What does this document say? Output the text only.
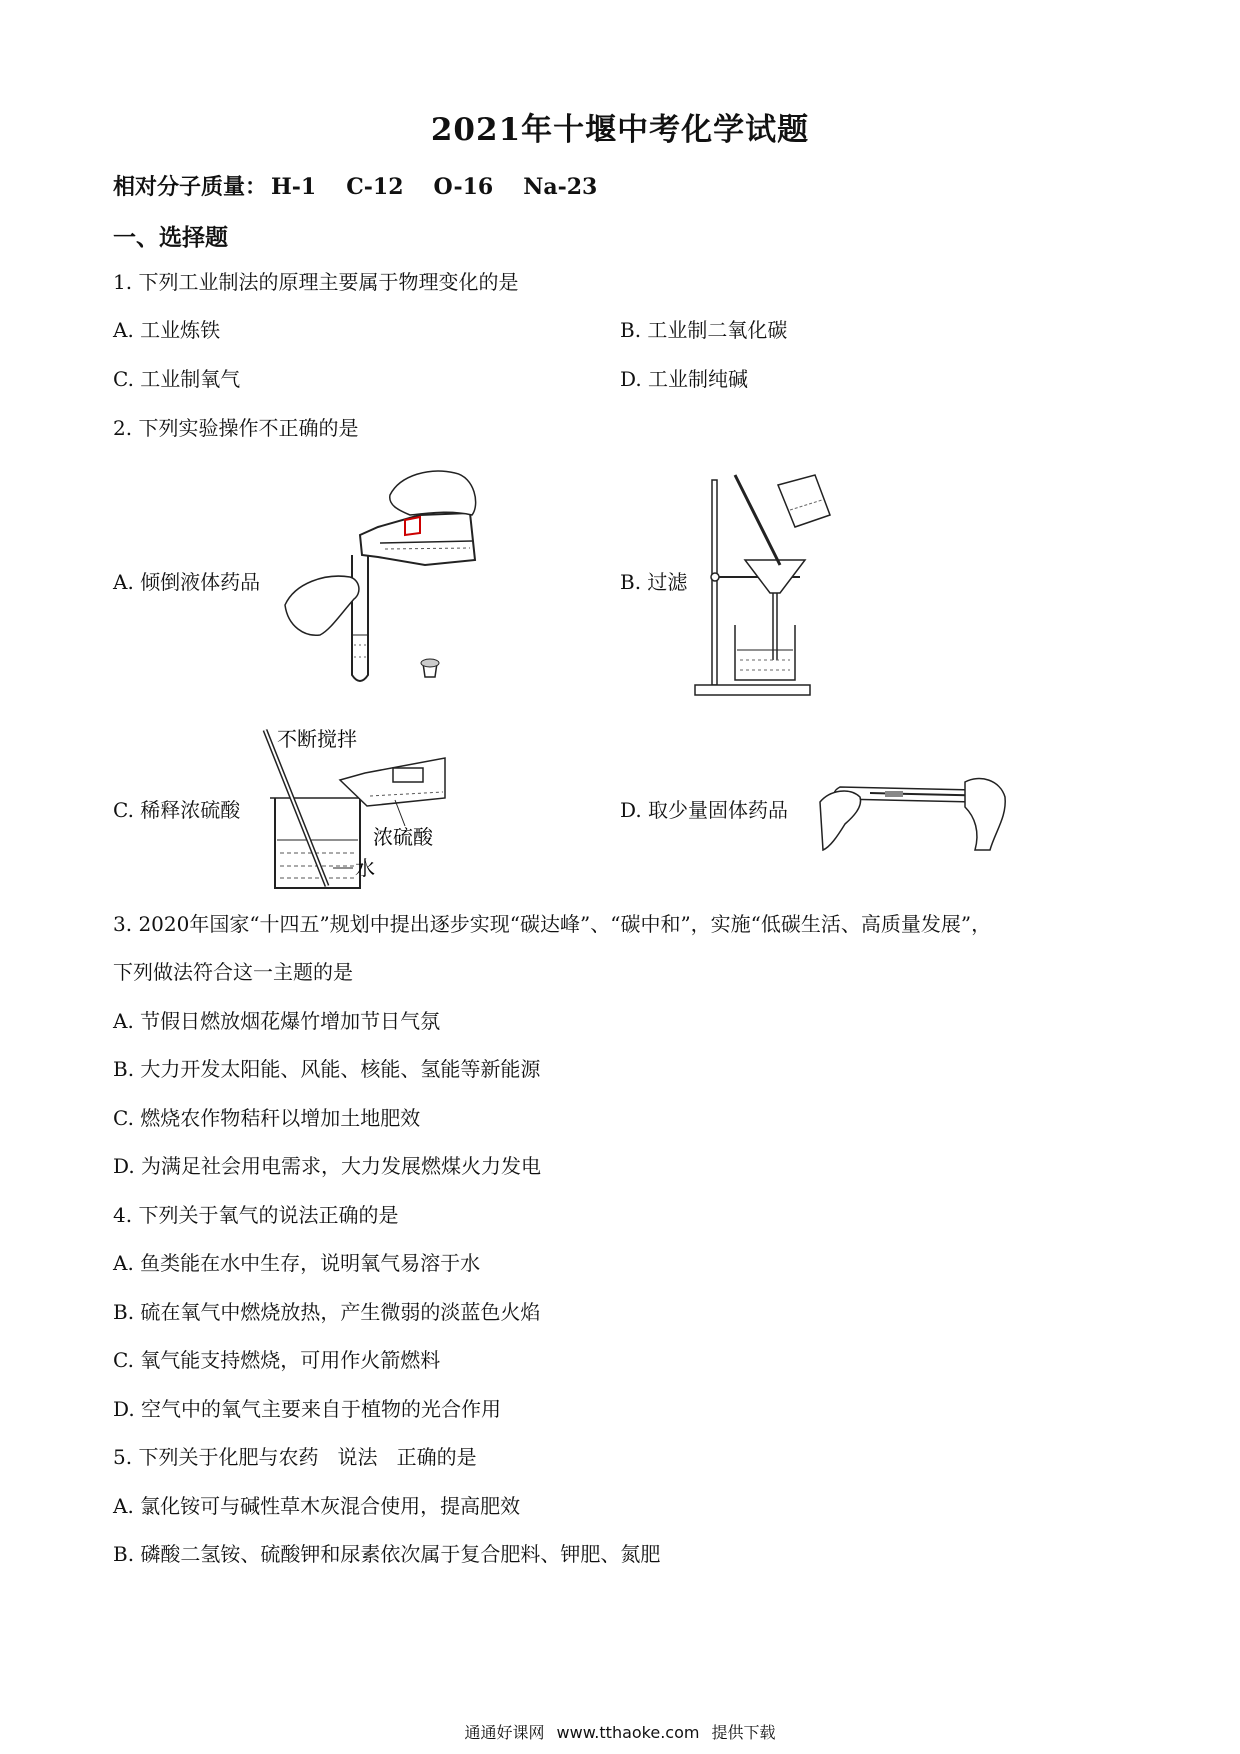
2021年十堰中考化学试题
相对分子质量： H-1 C-12 O-16 Na-23
一、选择题
1. 下列工业制法的原理主要属于物理变化的是
A. 工业炼铁	B. 工业制二氧化碳
C. 工业制氧气	D. 工业制纯碱
2. 下列实验操作不正确的是
A. 倾倒液体药品	B. 过滤
C. 稀释浓硫酸	D. 取少量固体药品
不断搅拌
浓硫酸
水
3. 2020年国家“十四五”规划中提出逐步实现“碳达峰”、“碳中和”，实施“低碳生活、高质量发展”，
下列做法符合这一主题的是
A. 节假日燃放烟花爆竹增加节日气氛
B. 大力开发太阳能、风能、核能、氢能等新能源
C. 燃烧农作物秸秆以增加土地肥效
D. 为满足社会用电需求，大力发展燃煤火力发电
4. 下列关于氧气的说法正确的是
A. 鱼类能在水中生存，说明氧气易溶于水
B. 硫在氧气中燃烧放热，产生微弱的淡蓝色火焰
C. 氧气能支持燃烧，可用作火箭燃料
D. 空气中的氧气主要来自于植物的光合作用
5. 下列关于化肥与农药   说法   正确的是
A. 氯化铵可与碱性草木灰混合使用，提高肥效
B. 磷酸二氢铵、硫酸钾和尿素依次属于复合肥料、钾肥、氮肥
通通好课网 www.tthaoke.com 提供下载
